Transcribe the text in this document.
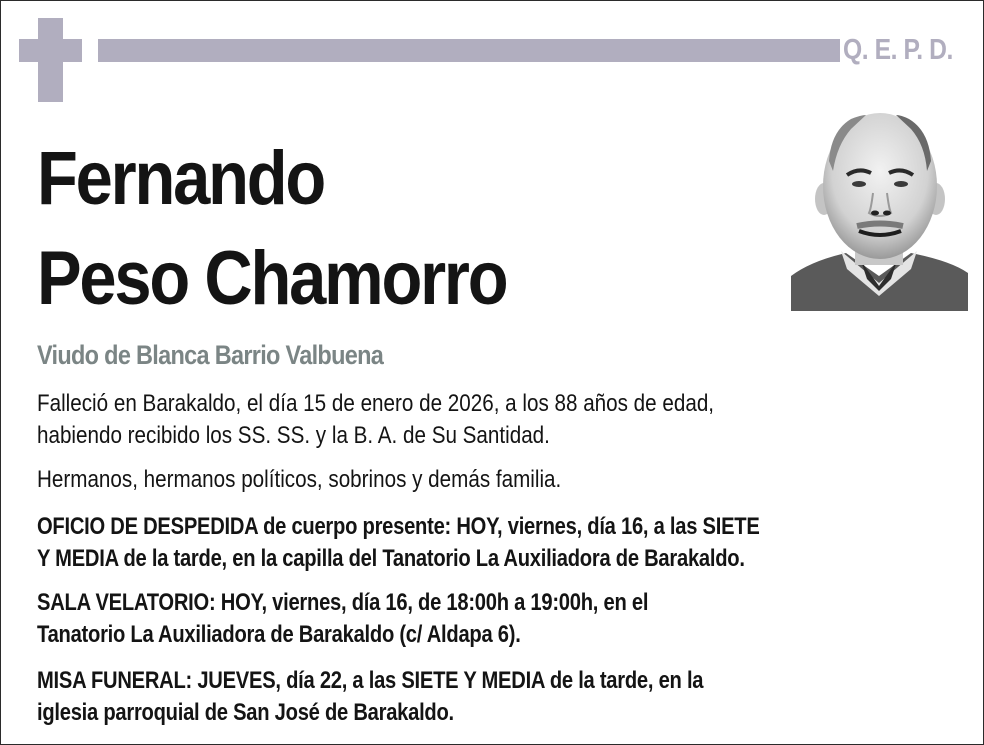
Q. E. P. D.
Fernando
Peso Chamorro
Viudo de Blanca Barrio Valbuena

Falleció en Barakaldo, el día 15 de enero de 2026, a los 88 años de edad,
habiendo recibido los SS. SS. y la B. A. de Su Santidad.

Hermanos, hermanos políticos, sobrinos y demás familia.

OFICIO DE DESPEDIDA de cuerpo presente: HOY, viernes, día 16, a las SIETE
Y MEDIA de la tarde, en la capilla del Tanatorio La Auxiliadora de Barakaldo.

SALA VELATORIO: HOY, viernes, día 16, de 18:00h a 19:00h, en el
Tanatorio La Auxiliadora de Barakaldo (c/ Aldapa 6).

MISA FUNERAL: JUEVES, día 22, a las SIETE Y MEDIA de la tarde, en la
iglesia parroquial de San José de Barakaldo.
